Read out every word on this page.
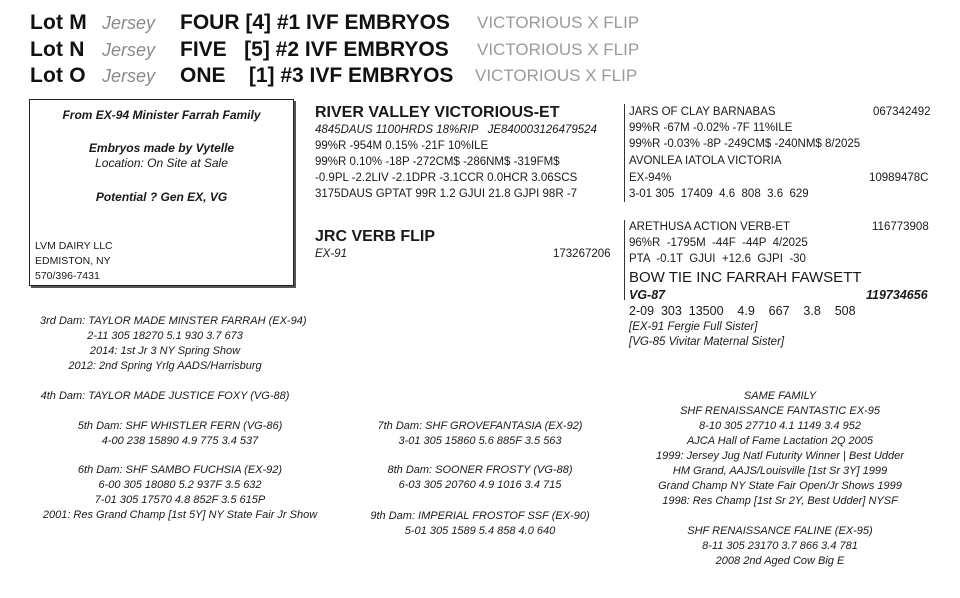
Lot M Jersey FOUR [4] #1 IVF EMBRYOS VICTORIOUS X FLIP
Lot N Jersey FIVE   [5] #2 IVF EMBRYOS VICTORIOUS X FLIP
Lot O Jersey ONE    [1] #3 IVF EMBRYOS VICTORIOUS X FLIP
From EX-94 Minister Farrah Family
Embryos made by Vytelle
Location: On Site at Sale
Potential ? Gen EX, VG
LVM DAIRY LLC
EDMISTON, NY
570/396-7431
RIVER VALLEY VICTORIOUS-ET
4845DAUS 1100HRDS 18%RIP   JE840003126479524
99%R -954M 0.15% -21F 10%ILE
99%R 0.10% -18P -272CM$ -286NM$ -319FM$
-0.9PL -2.2LIV -2.1DPR -3.1CCR 0.0HCR 3.06SCS
3175DAUS GPTAT 99R 1.2 GJUI 21.8 GJPI 98R -7
JARS OF CLAY BARNABAS	067342492
99%R -67M -0.02% -7F 11%ILE
99%R -0.03% -8P -249CM$ -240NM$ 8/2025
AVONLEA IATOLA VICTORIA
EX-94%	10989478C
3-01 305  17409  4.6  808  3.6  629
JRC VERB FLIP
EX-91	173267206
ARETHUSA ACTION VERB-ET	116773908
96%R  -1795M  -44F  -44P  4/2025
PTA  -0.1T  GJUI  +12.6  GJPI  -30
BOW TIE INC FARRAH FAWSETT
VG-87	119734656
2-09  303  13500    4.9    667    3.8    508
[EX-91 Fergie Full Sister]
[VG-85 Vivitar Maternal Sister]
3rd Dam: TAYLOR MADE MINSTER FARRAH (EX-94)
2-11 305 18270 5.1 930 3.7 673
2014: 1st Jr 3 NY Spring Show
2012: 2nd Spring Yrlg AADS/Harrisburg
4th Dam: TAYLOR MADE JUSTICE FOXY (VG-88)
5th Dam: SHF WHISTLER FERN (VG-86)
4-00 238 15890 4.9 775 3.4 537
6th Dam: SHF SAMBO FUCHSIA (EX-92)
6-00 305 18080 5.2 937F 3.5 632
7-01 305 17570 4.8 852F 3.5 615P
2001: Res Grand Champ [1st 5Y] NY State Fair Jr Show
7th Dam: SHF GROVEFANTASIA (EX-92)
3-01 305 15860 5.6 885F 3.5 563
8th Dam: SOONER FROSTY (VG-88)
6-03 305 20760 4.9 1016 3.4 715
9th Dam: IMPERIAL FROSTOF SSF (EX-90)
5-01 305 1589 5.4 858 4.0 640
SAME FAMILY
SHF RENAISSANCE FANTASTIC EX-95
8-10 305 27710 4.1 1149 3.4 952
AJCA Hall of Fame Lactation 2Q 2005
1999: Jersey Jug Natl Futurity Winner | Best Udder
HM Grand, AAJS/Louisville [1st Sr 3Y] 1999
Grand Champ NY State Fair Open/Jr Shows 1999
1998: Res Champ [1st Sr 2Y, Best Udder] NYSF
SHF RENAISSANCE FALINE (EX-95)
8-11 305 23170 3.7 866 3.4 781
2008 2nd Aged Cow Big E
